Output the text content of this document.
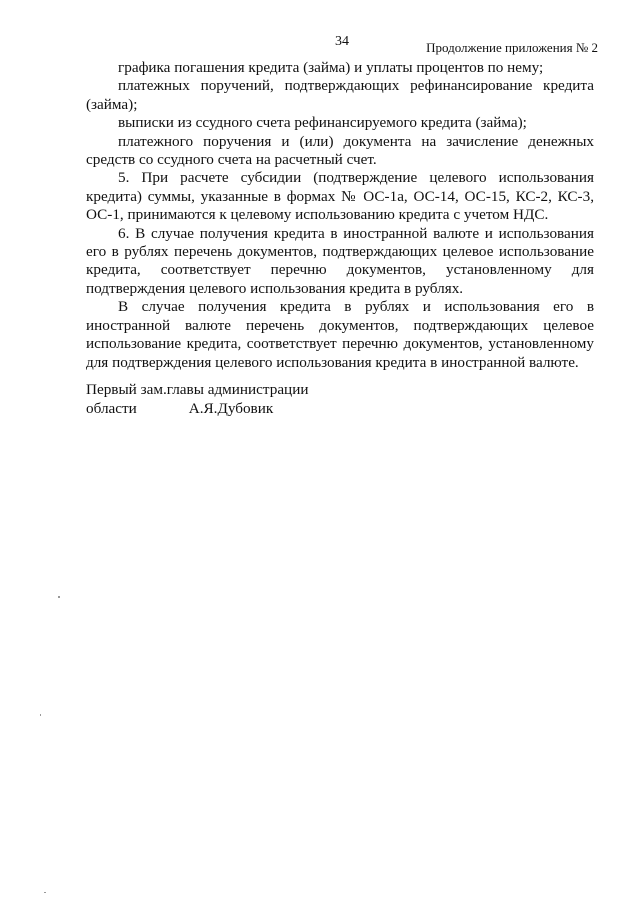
34	Продолжение приложения № 2

графика погашения кредита (займа) и уплаты процентов по нему;

платежных поручений, подтверждающих рефинансирование кредита (займа);

выписки из ссудного счета рефинансируемого кредита (займа);

платежного поручения и (или) документа на зачисление денежных средств со ссудного счета на расчетный счет.

5. При расчете субсидии (подтверждение целевого использования кредита) суммы, указанные в формах № ОС-1а, ОС-14, ОС-15, КС-2, КС-3, ОС-1, принимаются к целевому использованию кредита с учетом НДС.

6. В случае получения кредита в иностранной валюте и использования его в рублях перечень документов, подтверждающих целевое использование кредита, соответствует перечню документов, установленному для подтверждения целевого использования кредита в рублях.

В случае получения кредита в рублях и использования его в иностранной валюте перечень документов, подтверждающих целевое использование кредита, соответствует перечню документов, установленному для подтверждения целевого использования кредита в иностранной валюте.

Первый зам.главы администрации
области	А.Я.Дубовик
